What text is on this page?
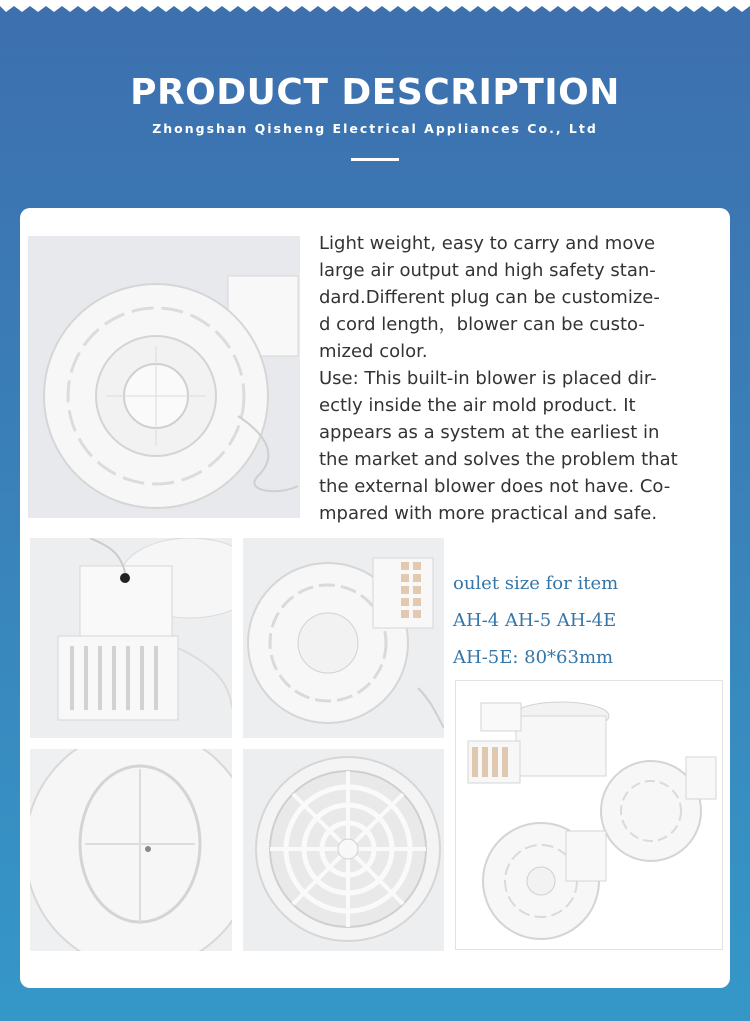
PRODUCT DESCRIPTION
Zhongshan Qisheng Electrical Appliances Co., Ltd

Light weight, easy to carry and move
large air output and high safety stan-
dard.Different plug can be customize-
d cord length，blower can be custo-
mized color.

Use: This built-in blower is placed dir-
ectly inside the air mold product. It
appears as a system at the earliest in
the market and solves the problem that
the external blower does not have. Co-
mpared with more practical and safe.

oulet size for item
AH-4 AH-5 AH-4E
AH-5E: 80*63mm
